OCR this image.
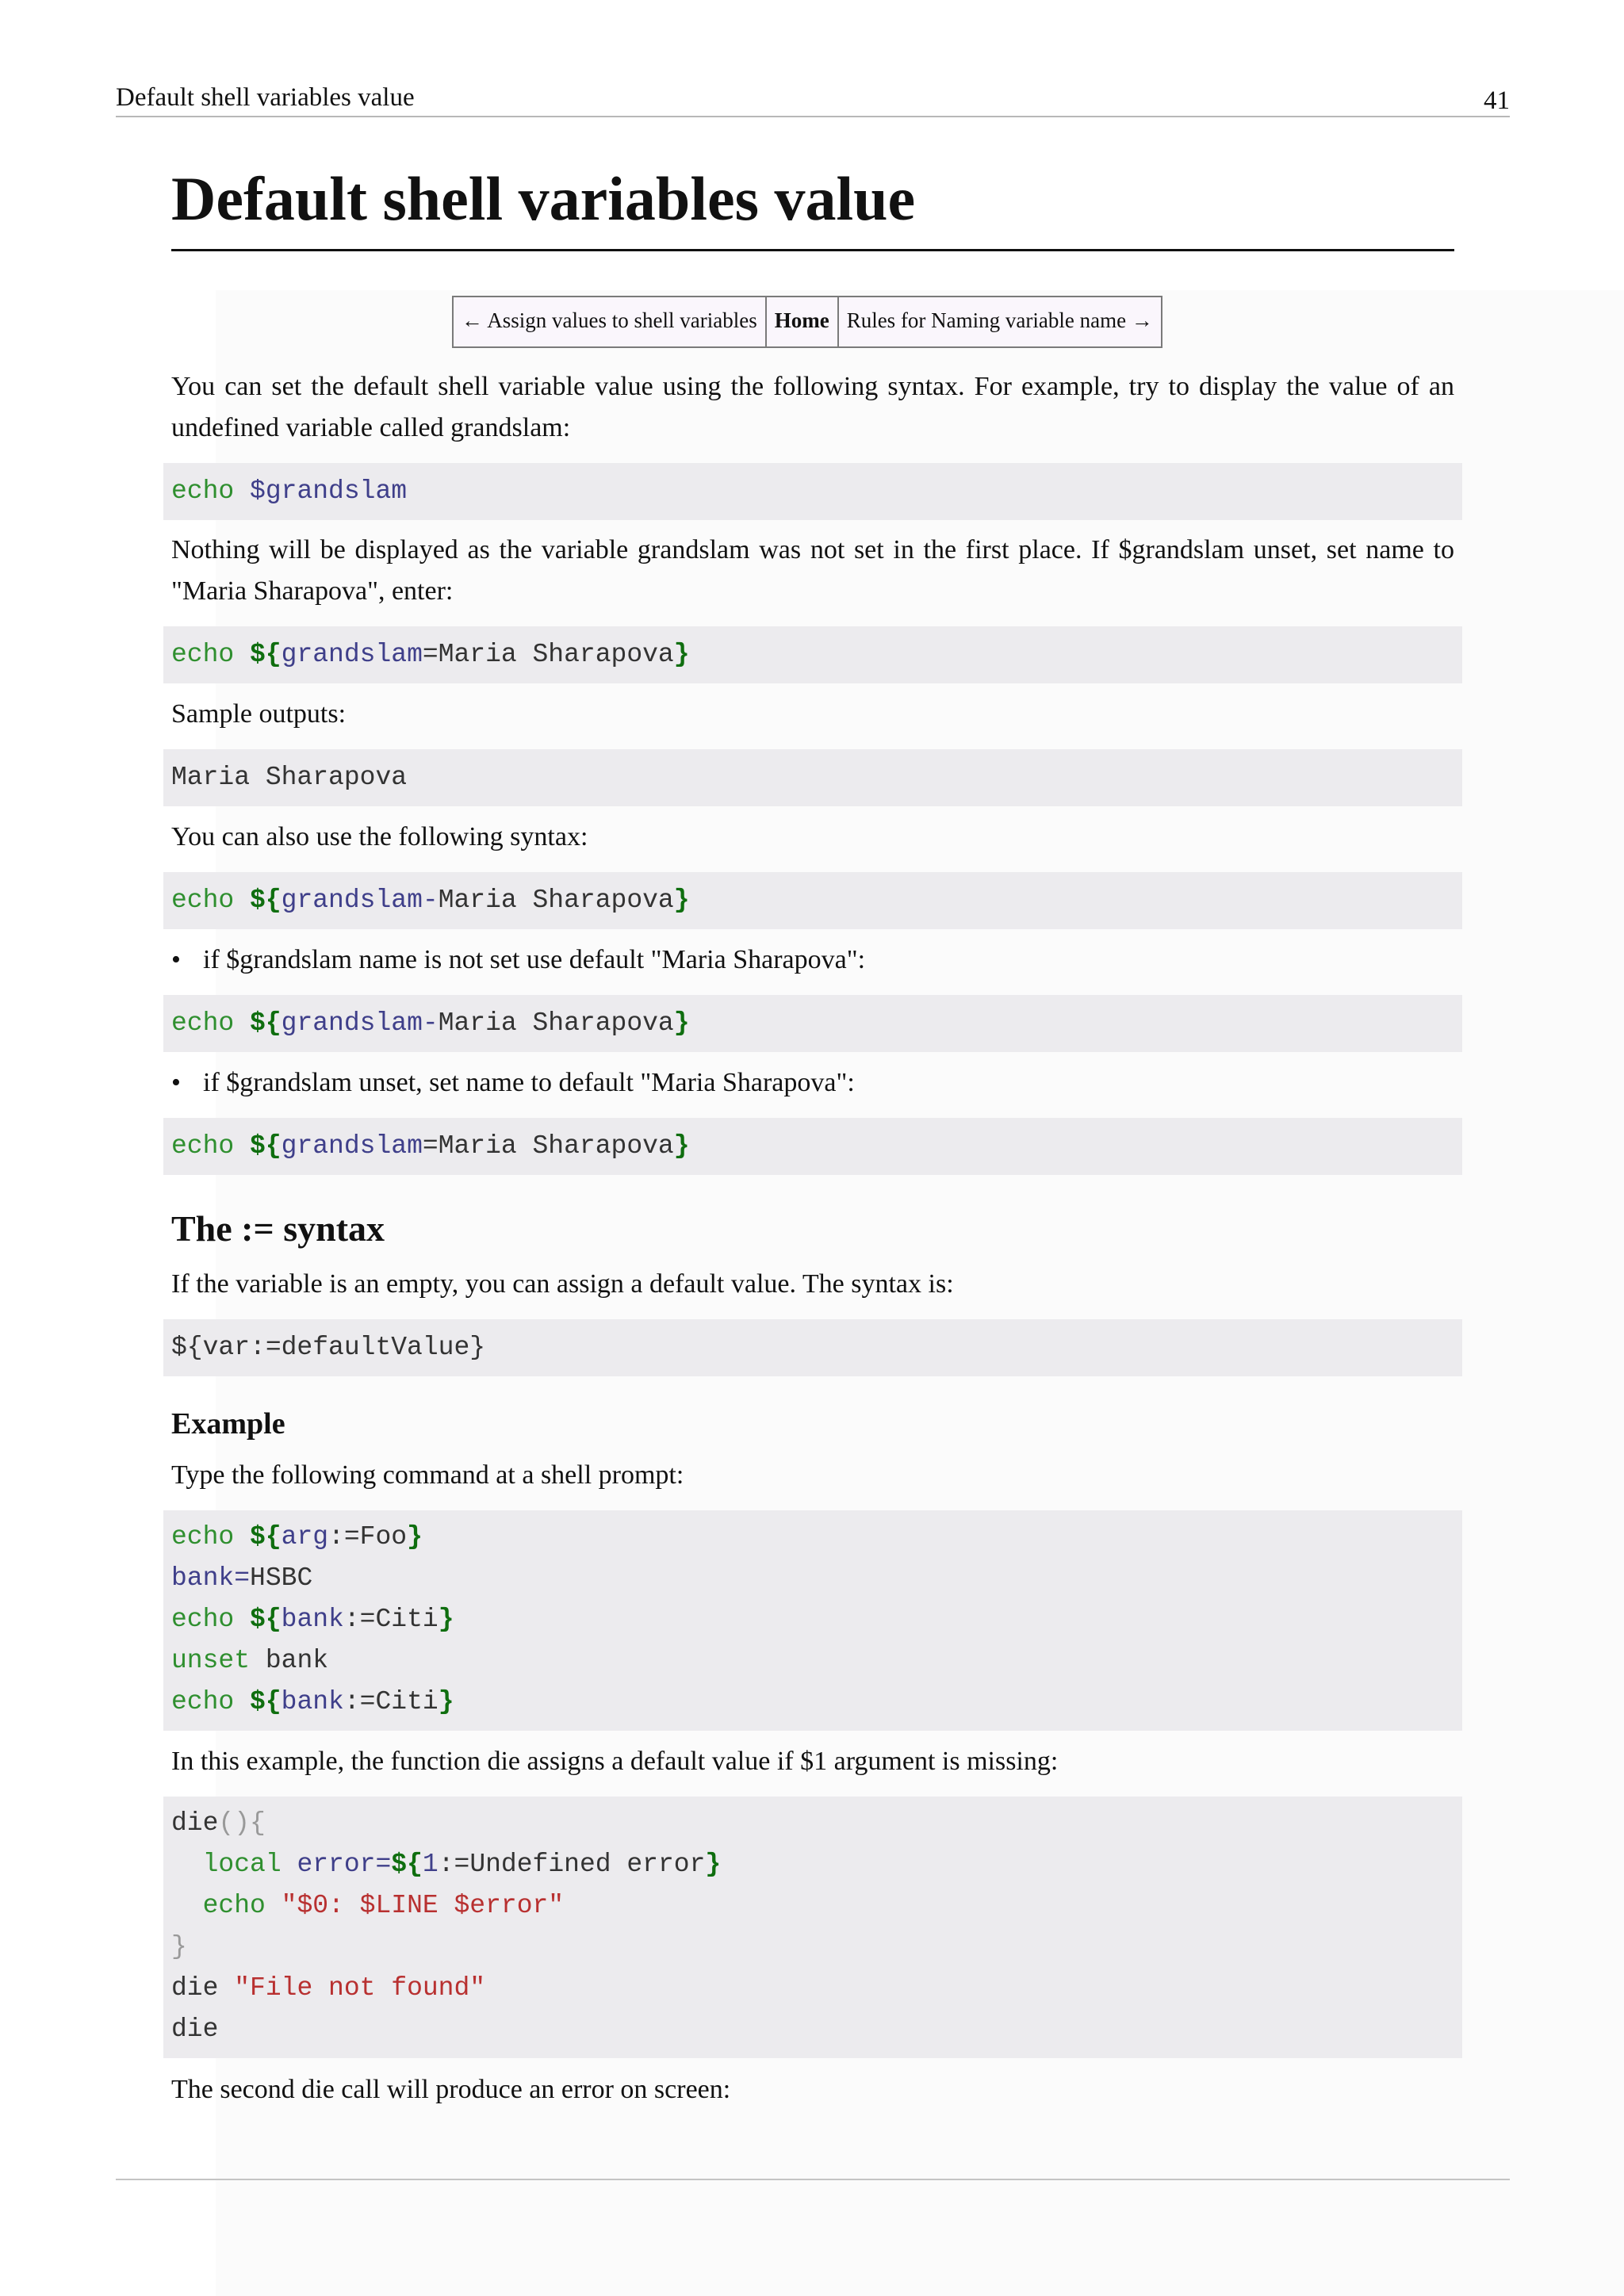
Default shell variables value	41
Default shell variables value
← Assign values to shell variables Home Rules for Naming variable name →

You can set the default shell variable value using the following syntax. For example, try to display the value of an undefined variable called grandslam:

echo $grandslam

Nothing will be displayed as the variable grandslam was not set in the first place. If $grandslam unset, set name to "Maria Sharapova", enter:

echo ${grandslam=Maria Sharapova}

Sample outputs:

Maria Sharapova

You can also use the following syntax:

echo ${grandslam-Maria Sharapova}
• if $grandslam name is not set use default "Maria Sharapova":
echo ${grandslam-Maria Sharapova}
• if $grandslam unset, set name to default "Maria Sharapova":
echo ${grandslam=Maria Sharapova}
The := syntax

If the variable is an empty, you can assign a default value. The syntax is:

${var:=defaultValue}
Example

Type the following command at a shell prompt:

echo ${arg:=Foo}
bank=HSBC
echo ${bank:=Citi}
unset bank
echo ${bank:=Citi}

In this example, the function die assigns a default value if $1 argument is missing:

die(){
local error=${1:=Undefined error}
echo "$0: $LINE $error"
}
die "File not found"
die

The second die call will produce an error on screen:
